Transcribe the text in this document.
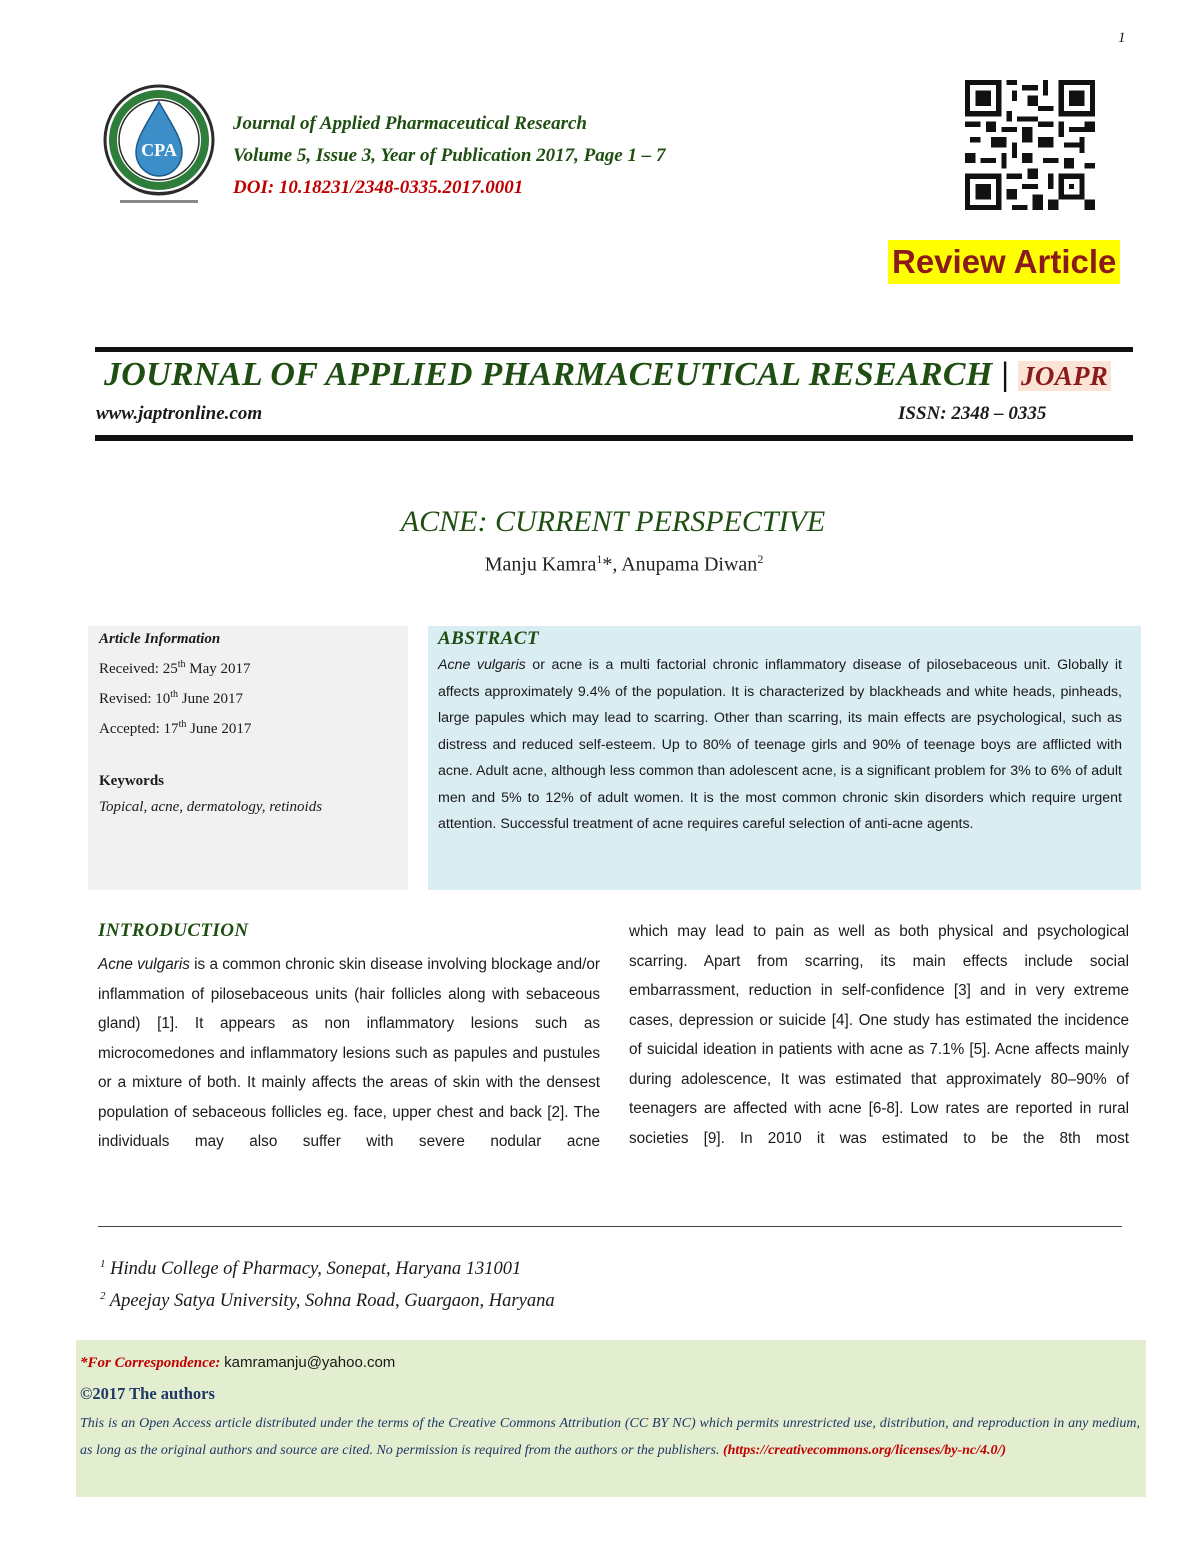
1
CPA
Journal of Applied Pharmaceutical Research
Volume 5, Issue 3, Year of Publication 2017, Page 1 – 7
DOI: 10.18231/2348-0335.2017.0001
Review Article
JOURNAL OF APPLIED PHARMACEUTICAL RESEARCH | JOAPR
www.japtronline.com	ISSN: 2348 – 0335
ACNE: CURRENT PERSPECTIVE
Manju Kamra$^1$*, Anupama Diwan$^2$
Article Information
Received: 25th May 2017
Revised: 10th June 2017
Accepted: 17th June 2017
Keywords
Topical, acne, dermatology, retinoids
ABSTRACT
Acne vulgaris or acne is a multi factorial chronic inflammatory disease of pilosebaceous unit. Globally it affects approximately 9.4% of the population. It is characterized by blackheads and white heads, pinheads, large papules which may lead to scarring. Other than scarring, its main effects are psychological, such as distress and reduced self-esteem. Up to 80% of teenage girls and 90% of teenage boys are afflicted with acne. Adult acne, although less common than adolescent acne, is a significant problem for 3% to 6% of adult men and 5% to 12% of adult women. It is the most common chronic skin disorders which require urgent attention. Successful treatment of acne requires careful selection of anti-acne agents.
INTRODUCTION
Acne vulgaris is a common chronic skin disease involving blockage and/or inflammation of pilosebaceous units (hair follicles along with sebaceous gland) [1]. It appears as non inflammatory lesions such as microcomedones and inflammatory lesions such as papules and pustules or a mixture of both. It mainly affects the areas of skin with the densest population of sebaceous follicles eg. face, upper chest and back [2]. The individuals may also suffer with severe nodular acne
which may lead to pain as well as both physical and psychological scarring. Apart from scarring, its main effects include social embarrassment, reduction in self-confidence [3] and in very extreme cases, depression or suicide [4]. One study has estimated the incidence of suicidal ideation in patients with acne as 7.1% [5]. Acne affects mainly during adolescence, It was estimated that approximately 80–90% of teenagers are affected with acne [6-8]. Low rates are reported in rural societies [9]. In 2010 it was estimated to be the 8th most
$^1$ Hindu College of Pharmacy, Sonepat, Haryana 131001
$^2$ Apeejay Satya University, Sohna Road, Guargaon, Haryana
*For Correspondence: kamramanju@yahoo.com
©2017 The authors
This is an Open Access article distributed under the terms of the Creative Commons Attribution (CC BY NC) which permits unrestricted use, distribution, and reproduction in any medium, as long as the original authors and source are cited. No permission is required from the authors or the publishers. (https://creativecommons.org/licenses/by-nc/4.0/)
